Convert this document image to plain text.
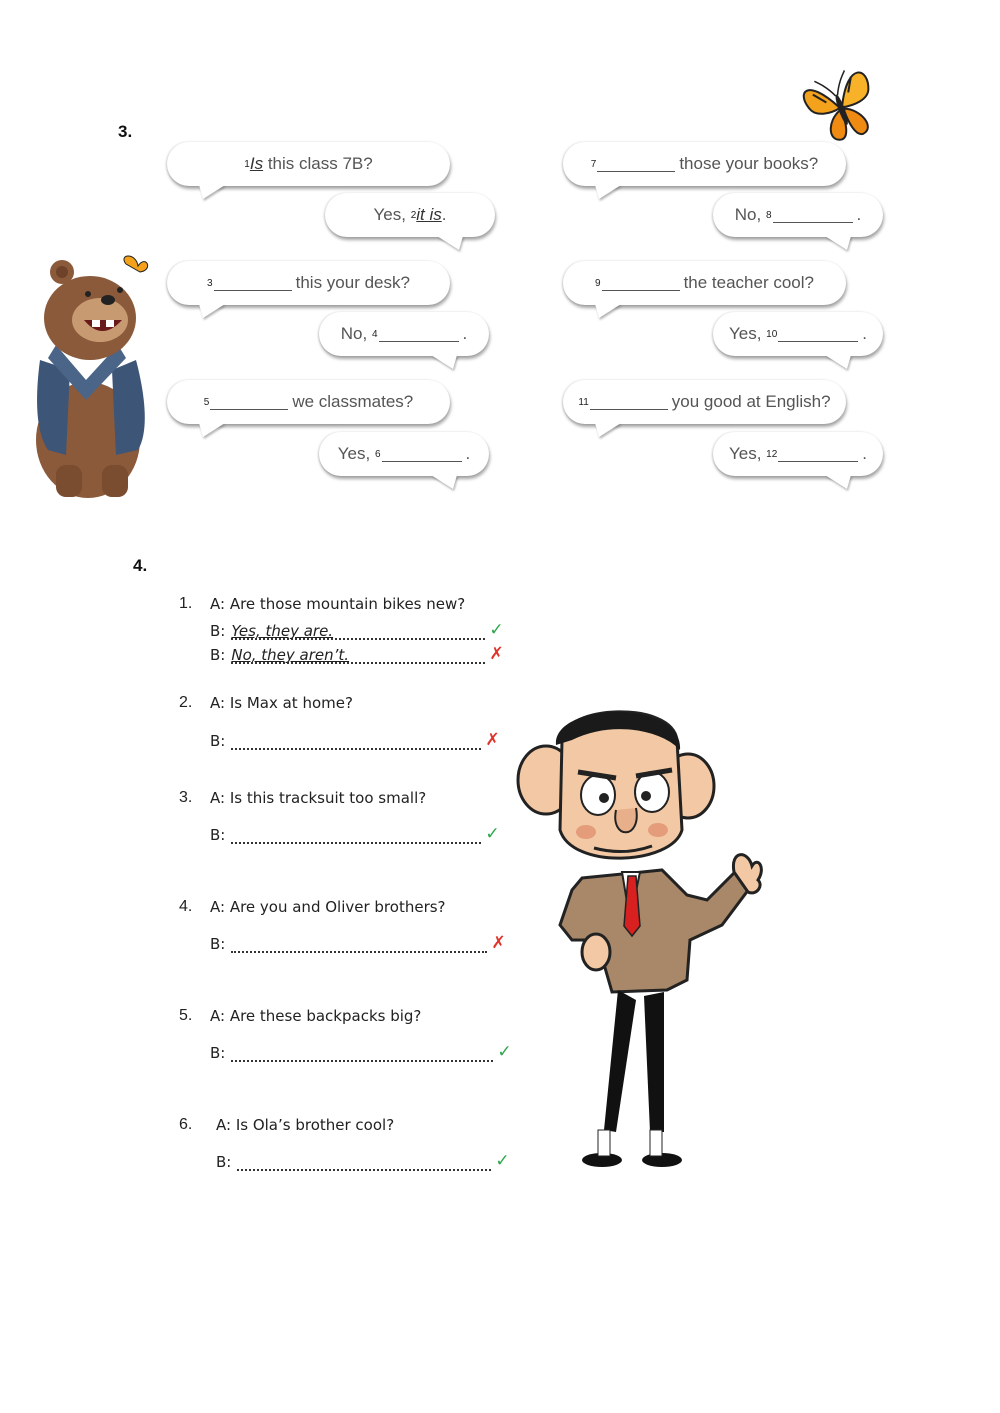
3.
1 Is this class 7B?
Yes, 2 it is .
3	this your desk?
No, 4	.
5	we classmates?
Yes, 6	.
7	those your books?
No, 8	.
9	the teacher cool?
Yes, 10	.
11	you good at English?
Yes, 12	.
4.
1. A: Are those mountain bikes new?
B: Yes, they are.	✓
B: No, they aren’t.	✗
2. A: Is Max at home?
B:	✗
3. A: Is this tracksuit too small?
B:	✓
4. A: Are you and Oliver brothers?
B:	✗
5. A: Are these backpacks big?
B:	✓
6. A: Is Ola’s brother cool?
B:	✓
